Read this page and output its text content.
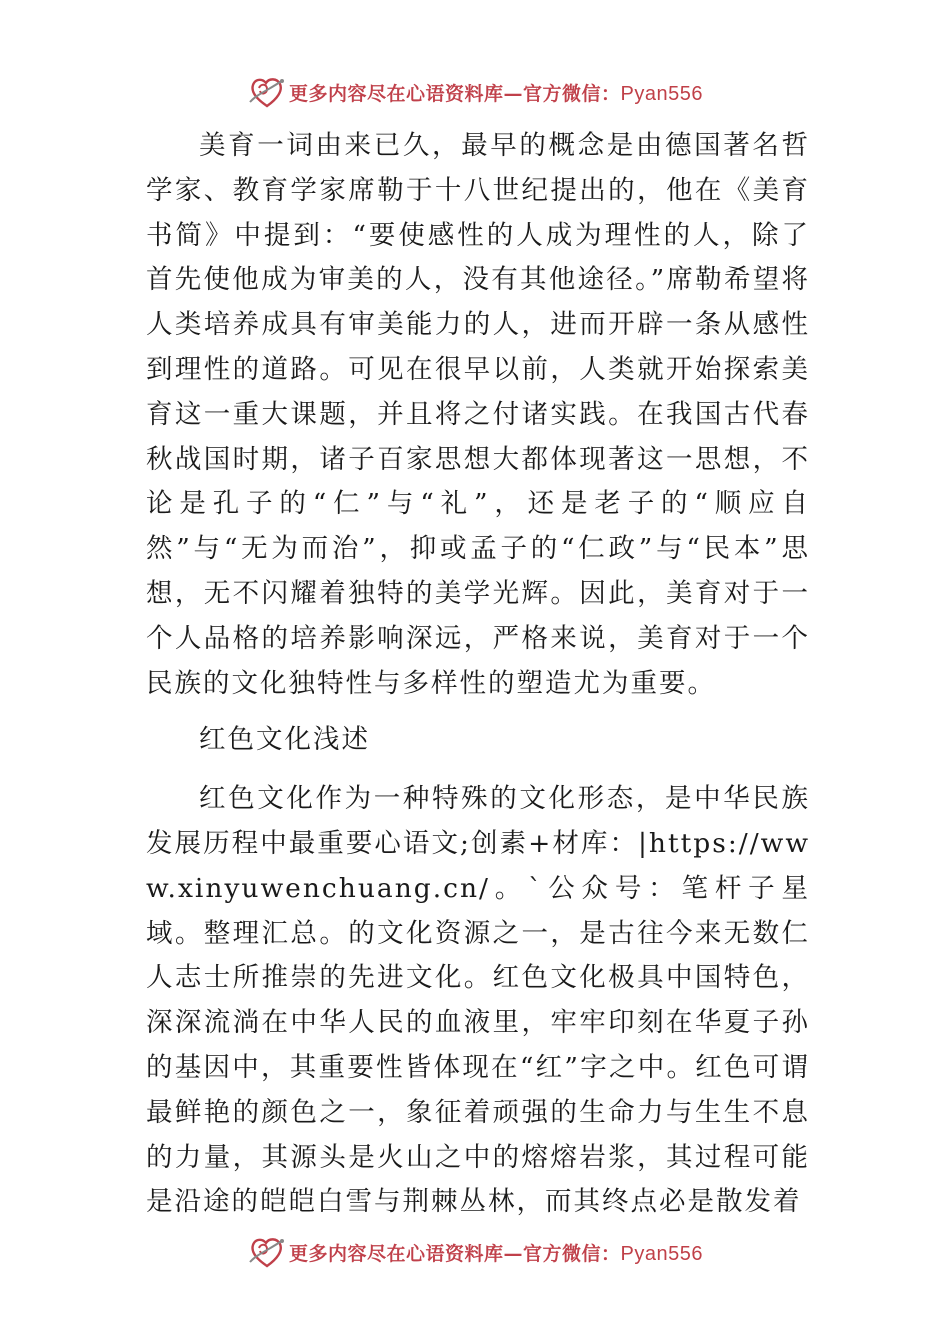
更多内容尽在心语资料库—官方微信：Pyan556

美育一词由来已久，最早的概念是由德国著名哲学家、教育学家席勒于十八世纪提出的，他在《美育书简》中提到：“要使感性的人成为理性的人，除了首先使他成为审美的人，没有其他途径。”席勒希望将人类培养成具有审美能力的人，进而开辟一条从感性到理性的道路。可见在很早以前，人类就开始探索美育这一重大课题，并且将之付诸实践。在我国古代春秋战国时期，诸子百家思想大都体现著这一思想，不论是孔子的“仁”与“礼”，还是老子的“顺应自然”与“无为而治”，抑或孟子的“仁政”与“民本”思想，无不闪耀着独特的美学光辉。因此，美育对于一个人品格的培养影响深远，严格来说，美育对于一个民族的文化独特性与多样性的塑造尤为重要。

红色文化浅述

红色文化作为一种特殊的文化形态，是中华民族发展历程中最重要心语文;创素+材库：|https://www.xinyuwenchuang.cn/。`公众号：笔杆子星域。整理汇总。的文化资源之一，是古往今来无数仁人志士所推崇的先进文化。红色文化极具中国特色， 深深流淌在中华人民的血液里，牢牢印刻在华夏子孙的基因中，其重要性皆体现在“红”字之中。红色可谓最鲜艳的颜色之一，象征着顽强的生命力与生生不息的力量，其源头是火山之中的熔熔岩浆，其过程可能是沿途的皑皑白雪与荆棘丛林，而其终点必是散发着

更多内容尽在心语资料库—官方微信：Pyan556
